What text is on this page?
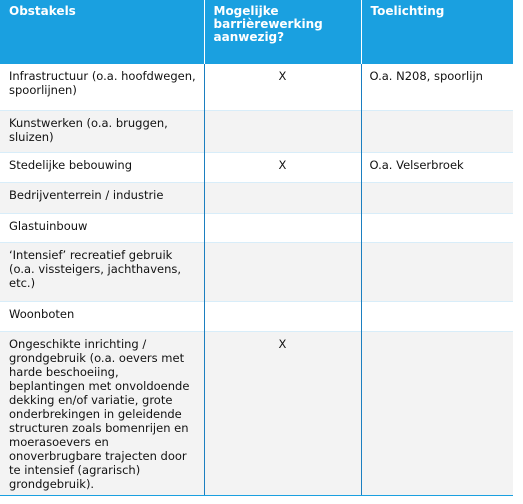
Obstakels	Mogelijke barrièrewerking aanwezig?	Toelichting
Infrastructuur (o.a. hoofdwegen, spoorlijnen)	X	O.a. N208, spoorlijn
Kunstwerken (o.a. bruggen, sluizen)		
Stedelijke bebouwing	X	O.a. Velserbroek
Bedrijventerrein / industrie		
Glastuinbouw		
‘Intensief’ recreatief gebruik (o.a. vissteigers, jachthavens, etc.)		
Woonboten		
Ongeschikte inrichting / grondgebruik (o.a. oevers met harde beschoeiing, beplantingen met onvoldoende dekking en/of variatie, grote onderbrekingen in geleidende structuren zoals bomenrijen en moerasoevers en onoverbrugbare trajecten door te intensief (agrarisch) grondgebruik).	X	
